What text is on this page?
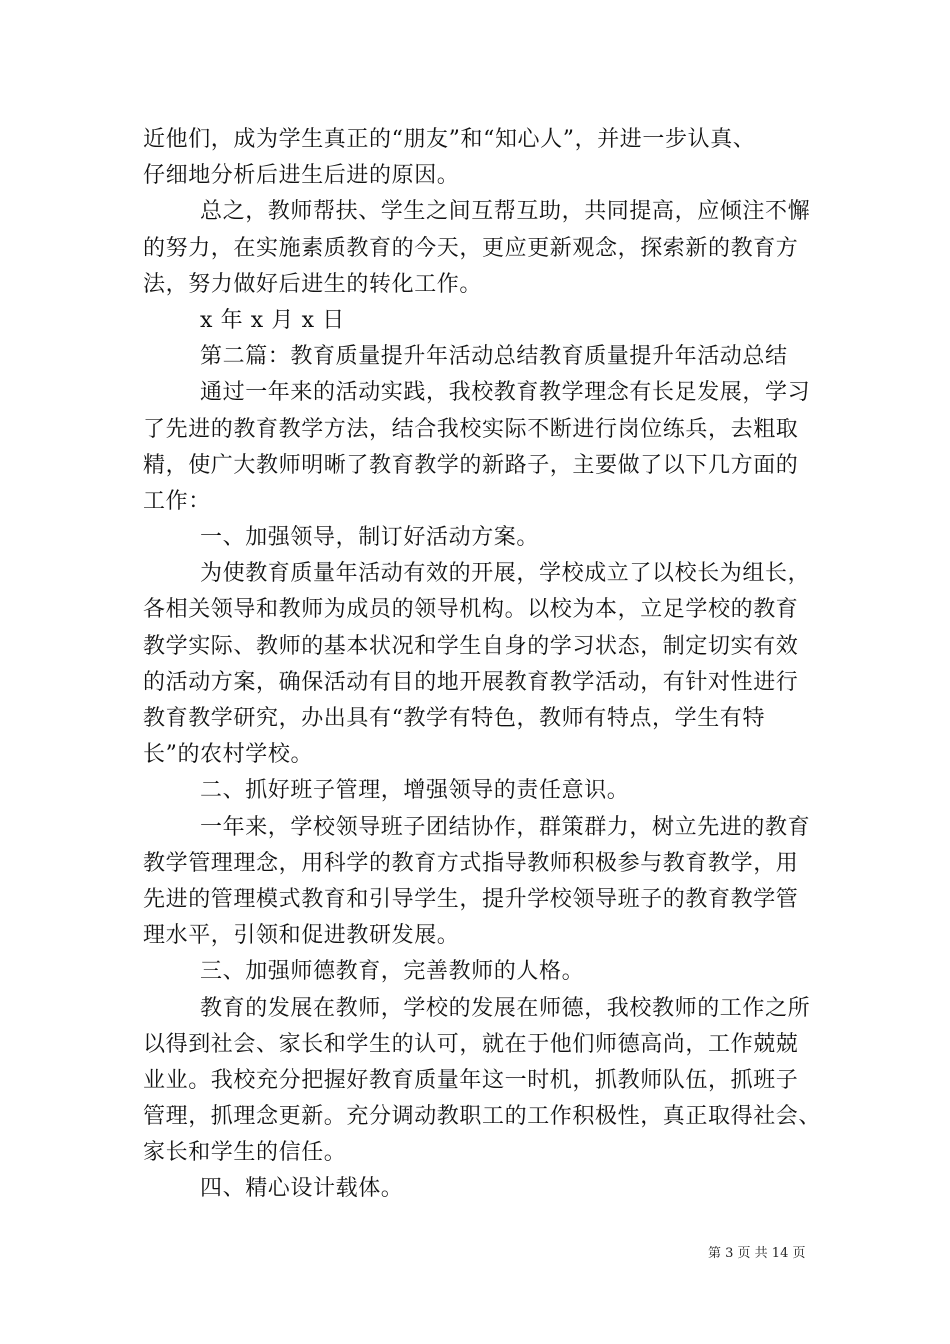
近他们，成为学生真正的“朋友”和“知心人”，并进一步认真、
仔细地分析后进生后进的原因。
总之，教师帮扶、学生之间互帮互助，共同提高，应倾注不懈
的努力，在实施素质教育的今天，更应更新观念，探索新的教育方
法，努力做好后进生的转化工作。
x 年 x 月 x 日
第二篇：教育质量提升年活动总结教育质量提升年活动总结
通过一年来的活动实践，我校教育教学理念有长足发展，学习
了先进的教育教学方法，结合我校实际不断进行岗位练兵，去粗取
精，使广大教师明晰了教育教学的新路子，主要做了以下几方面的
工作：
一、加强领导，制订好活动方案。
为使教育质量年活动有效的开展，学校成立了以校长为组长，
各相关领导和教师为成员的领导机构。以校为本，立足学校的教育
教学实际、教师的基本状况和学生自身的学习状态，制定切实有效
的活动方案，确保活动有目的地开展教育教学活动，有针对性进行
教育教学研究，办出具有“教学有特色，教师有特点，学生有特
长”的农村学校。
二、抓好班子管理，增强领导的责任意识。
一年来，学校领导班子团结协作，群策群力，树立先进的教育
教学管理理念，用科学的教育方式指导教师积极参与教育教学，用
先进的管理模式教育和引导学生，提升学校领导班子的教育教学管
理水平，引领和促进教研发展。
三、加强师德教育，完善教师的人格。
教育的发展在教师，学校的发展在师德，我校教师的工作之所
以得到社会、家长和学生的认可，就在于他们师德高尚，工作兢兢
业业。我校充分把握好教育质量年这一时机，抓教师队伍，抓班子
管理，抓理念更新。充分调动教职工的工作积极性，真正取得社会、
家长和学生的信任。
四、精心设计载体。
第 3 页 共 14 页
